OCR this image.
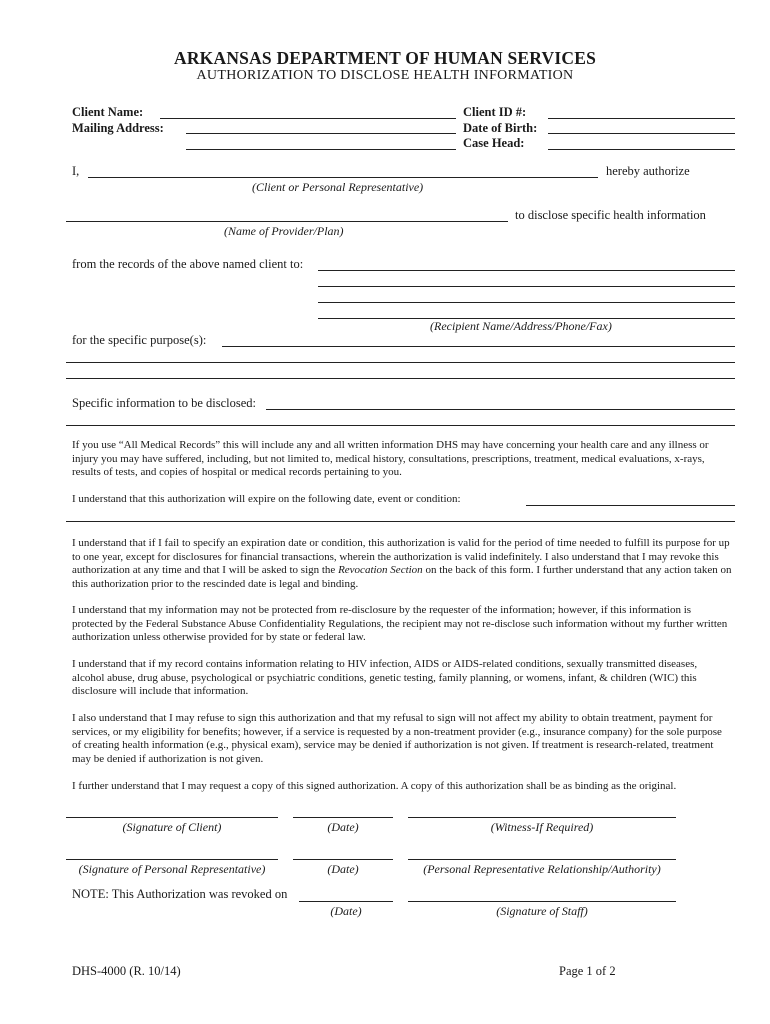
ARKANSAS DEPARTMENT OF HUMAN SERVICES
AUTHORIZATION TO DISCLOSE HEALTH INFORMATION
Client Name:
Mailing Address:
Client ID #:
Date of Birth:
Case Head:
I,	hereby authorize
(Client or Personal Representative)
to disclose specific health information
(Name of Provider/Plan)
from the records of the above named client to:
(Recipient Name/Address/Phone/Fax)
for the specific purpose(s):
Specific information to be disclosed:
If you use “All Medical Records” this will include any and all written information DHS may have concerning your health care and any illness or injury you may have suffered, including, but not limited to, medical history, consultations, prescriptions, treatment, medical evaluations, x-rays, results of tests, and copies of hospital or medical records pertaining to you.
I understand that this authorization will expire on the following date, event or condition:
I understand that if I fail to specify an expiration date or condition, this authorization is valid for the period of time needed to fulfill its purpose for up to one year, except for disclosures for financial transactions, wherein the authorization is valid indefinitely. I also understand that I may revoke this authorization at any time and that I will be asked to sign the Revocation Section on the back of this form. I further understand that any action taken on this authorization prior to the rescinded date is legal and binding.
I understand that my information may not be protected from re-disclosure by the requester of the information; however, if this information is protected by the Federal Substance Abuse Confidentiality Regulations, the recipient may not re-disclose such information without my further written authorization unless otherwise provided for by state or federal law.
I understand that if my record contains information relating to HIV infection, AIDS or AIDS-related conditions, sexually transmitted diseases, alcohol abuse, drug abuse, psychological or psychiatric conditions, genetic testing, family planning, or womens, infant, & children (WIC) this disclosure will include that information.
I also understand that I may refuse to sign this authorization and that my refusal to sign will not affect my ability to obtain treatment, payment for services, or my eligibility for benefits; however, if a service is requested by a non-treatment provider (e.g., insurance company) for the sole purpose of creating health information (e.g., physical exam), service may be denied if authorization is not given. If treatment is research-related, treatment may be denied if authorization is not given.
I further understand that I may request a copy of this signed authorization. A copy of this authorization shall be as binding as the original.
(Signature of Client)	(Date)	(Witness-If Required)
(Signature of Personal Representative)	(Date)	(Personal Representative Relationship/Authority)
NOTE: This Authorization was revoked on
(Date)	(Signature of Staff)
DHS-4000 (R. 10/14)	Page 1 of 2
